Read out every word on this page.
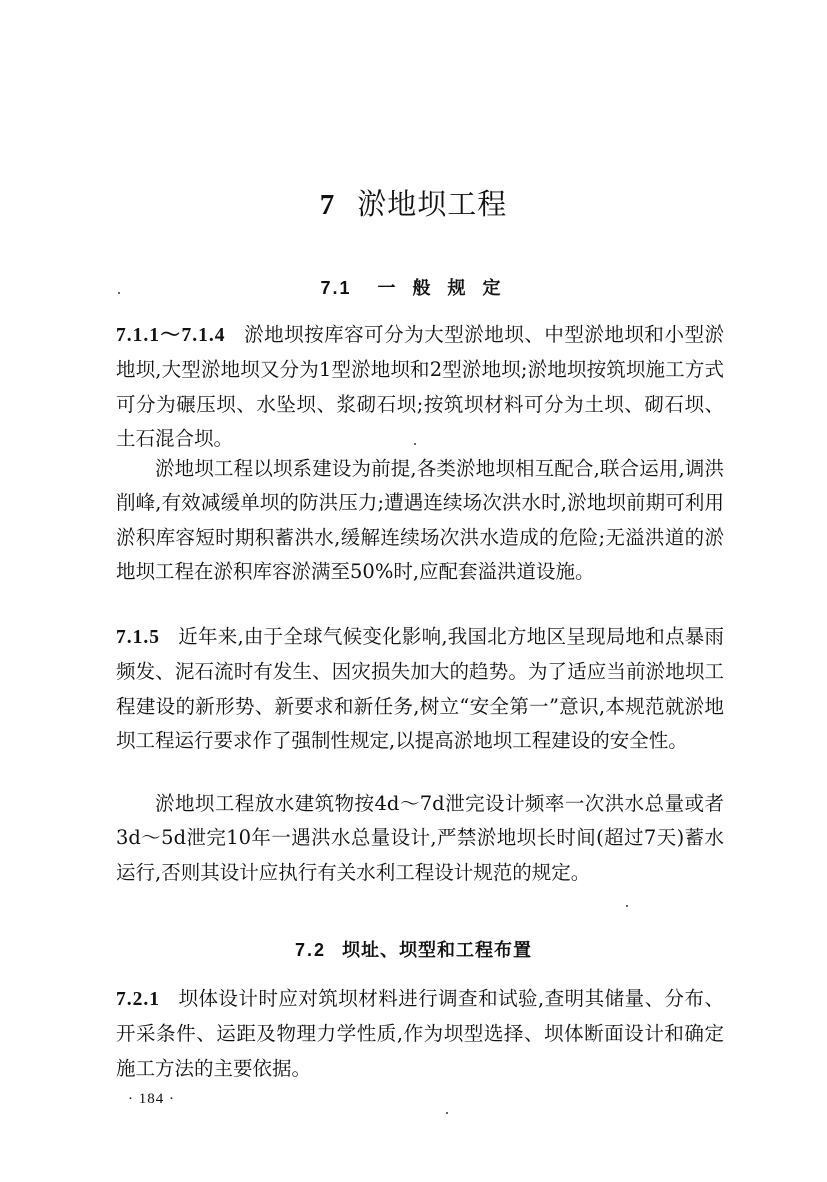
7 淤地坝工程
7.1 一 般 规 定

7.1.1～7.1.4 淤地坝按库容可分为大型淤地坝、中型淤地坝和小型淤地坝,大型淤地坝又分为1型淤地坝和2型淤地坝;淤地坝按筑坝施工方式可分为碾压坝、水坠坝、浆砌石坝;按筑坝材料可分为土坝、砌石坝、土石混合坝。

淤地坝工程以坝系建设为前提,各类淤地坝相互配合,联合运用,调洪削峰,有效减缓单坝的防洪压力;遭遇连续场次洪水时,淤地坝前期可利用淤积库容短时期积蓄洪水,缓解连续场次洪水造成的危险;无溢洪道的淤地坝工程在淤积库容淤满至50%时,应配套溢洪道设施。

7.1.5 近年来,由于全球气候变化影响,我国北方地区呈现局地和点暴雨频发、泥石流时有发生、因灾损失加大的趋势。为了适应当前淤地坝工程建设的新形势、新要求和新任务,树立“安全第一”意识,本规范就淤地坝工程运行要求作了强制性规定,以提高淤地坝工程建设的安全性。

淤地坝工程放水建筑物按4d～7d泄完设计频率一次洪水总量或者3d～5d泄完10年一遇洪水总量设计,严禁淤地坝长时间(超过7天)蓄水运行,否则其设计应执行有关水利工程设计规范的规定。

7.2 坝址、坝型和工程布置

7.2.1 坝体设计时应对筑坝材料进行调查和试验,查明其储量、分布、开采条件、运距及物理力学性质,作为坝型选择、坝体断面设计和确定施工方法的主要依据。

· 184 ·
